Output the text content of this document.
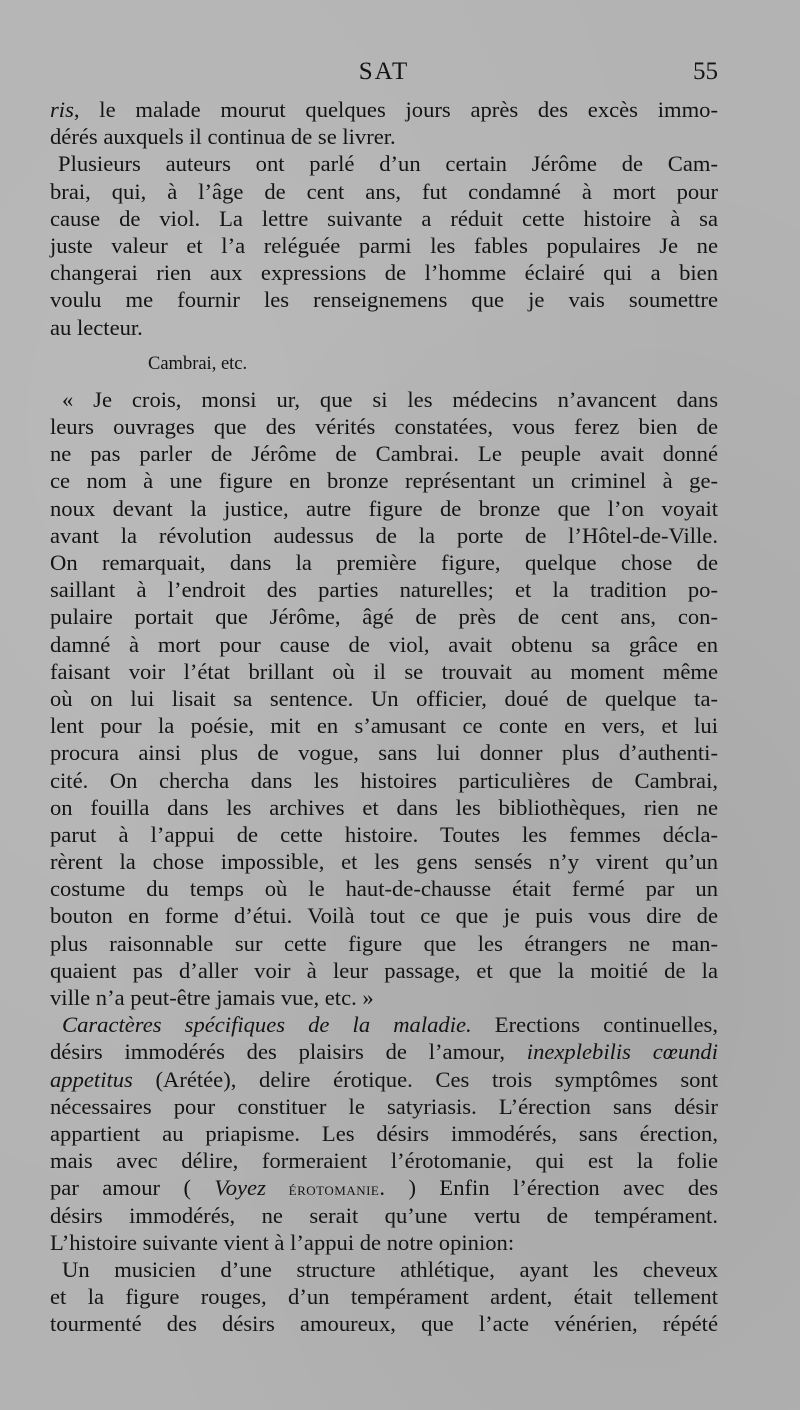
SAT	55
ris, le malade mourut quelques jours après des excès immo-
dérés auxquels il continua de se livrer.
Plusieurs auteurs ont parlé d’un certain Jérôme de Cam-
brai, qui, à l’âge de cent ans, fut condamné à mort pour
cause de viol. La lettre suivante a réduit cette histoire à sa
juste valeur et l’a reléguée parmi les fables populaires Je ne
changerai rien aux expressions de l’homme éclairé qui a bien
voulu me fournir les renseignemens que je vais soumettre
au lecteur.
Cambrai, etc.
« Je crois, monsi ur, que si les médecins n’avancent dans
leurs ouvrages que des vérités constatées, vous ferez bien de
ne pas parler de Jérôme de Cambrai. Le peuple avait donné
ce nom à une figure en bronze représentant un criminel à ge-
noux devant la justice, autre figure de bronze que l’on voyait
avant la révolution audessus de la porte de l’Hôtel-de-Ville.
On remarquait, dans la première figure, quelque chose de
saillant à l’endroit des parties naturelles; et la tradition po-
pulaire portait que Jérôme, âgé de près de cent ans, con-
damné à mort pour cause de viol, avait obtenu sa grâce en
faisant voir l’état brillant où il se trouvait au moment même
où on lui lisait sa sentence. Un officier, doué de quelque ta-
lent pour la poésie, mit en s’amusant ce conte en vers, et lui
procura ainsi plus de vogue, sans lui donner plus d’authenti-
cité. On chercha dans les histoires particulières de Cambrai,
on fouilla dans les archives et dans les bibliothèques, rien ne
parut à l’appui de cette histoire. Toutes les femmes décla-
rèrent la chose impossible, et les gens sensés n’y virent qu’un
costume du temps où le haut-de-chausse était fermé par un
bouton en forme d’étui. Voilà tout ce que je puis vous dire de
plus raisonnable sur cette figure que les étrangers ne man-
quaient pas d’aller voir à leur passage, et que la moitié de la
ville n’a peut-être jamais vue, etc. »
Caractères spécifiques de la maladie. Erections continuelles,
désirs immodérés des plaisirs de l’amour, inexplebilis cœundi
appetitus (Arétée), delire érotique. Ces trois symptômes sont
nécessaires pour constituer le satyriasis. L’érection sans désir
appartient au priapisme. Les désirs immodérés, sans érection,
mais avec délire, formeraient l’érotomanie, qui est la folie
par amour ( Voyez érotomanie. ) Enfin l’érection avec des
désirs immodérés, ne serait qu’une vertu de tempérament.
L’histoire suivante vient à l’appui de notre opinion:
Un musicien d’une structure athlétique, ayant les cheveux
et la figure rouges, d’un tempérament ardent, était tellement
tourmenté des désirs amoureux, que l’acte vénérien, répété
